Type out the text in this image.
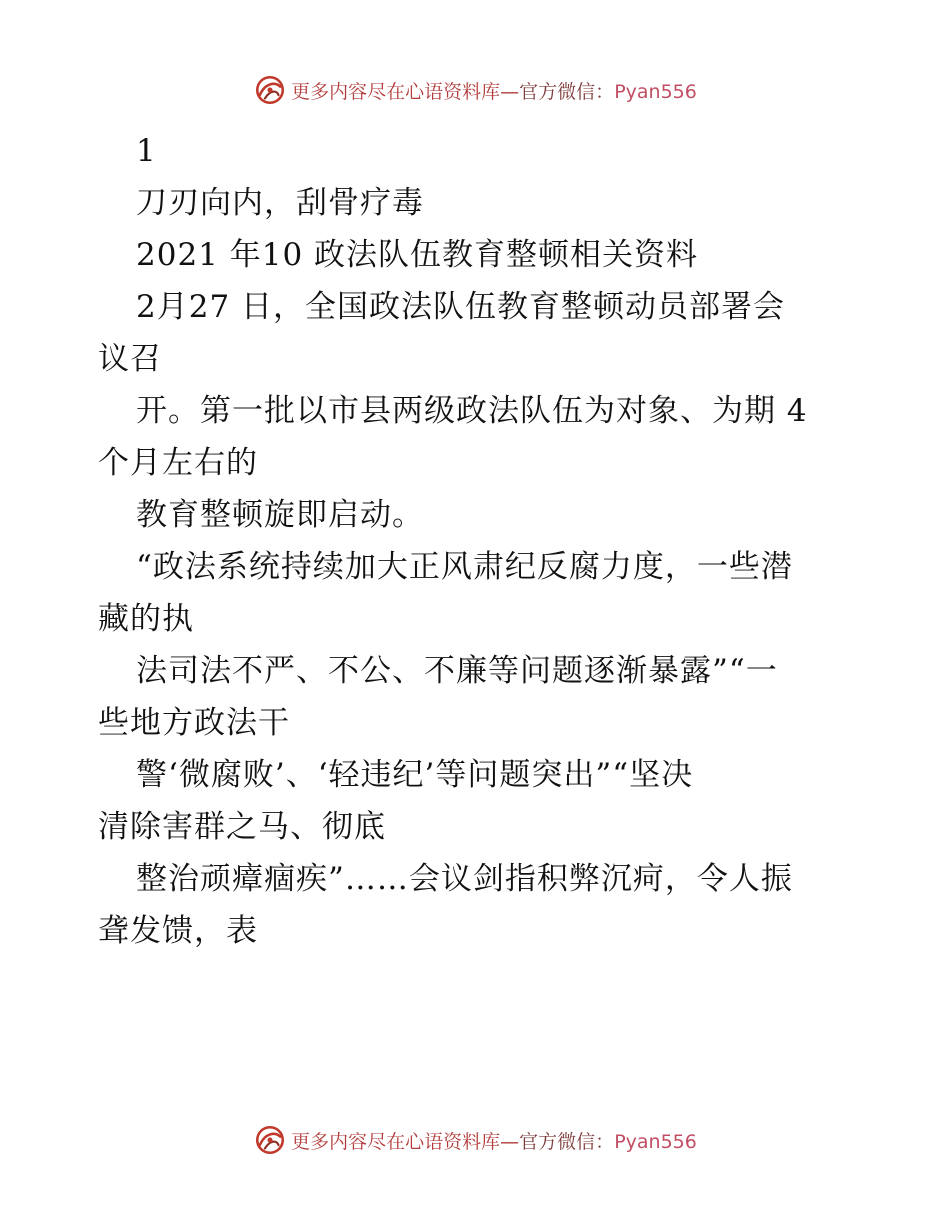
更多内容尽在心语资料库—官方微信：Pyan556
1
刀刃向内，刮骨疗毒
2021 年10 政法队伍教育整顿相关资料
2月27 日，全国政法队伍教育整顿动员部署会
议召
开。第一批以市县两级政法队伍为对象、为期 4
个月左右的
教育整顿旋即启动。
“政法系统持续加大正风肃纪反腐力度，一些潜
藏的执
法司法不严、不公、不廉等问题逐渐暴露”“一
些地方政法干
警‘微腐败’、‘轻违纪’等问题突出”“坚决
清除害群之马、彻底
整治顽瘴痼疾”……会议剑指积弊沉疴，令人振
聋发馈，表
更多内容尽在心语资料库—官方微信：Pyan556
